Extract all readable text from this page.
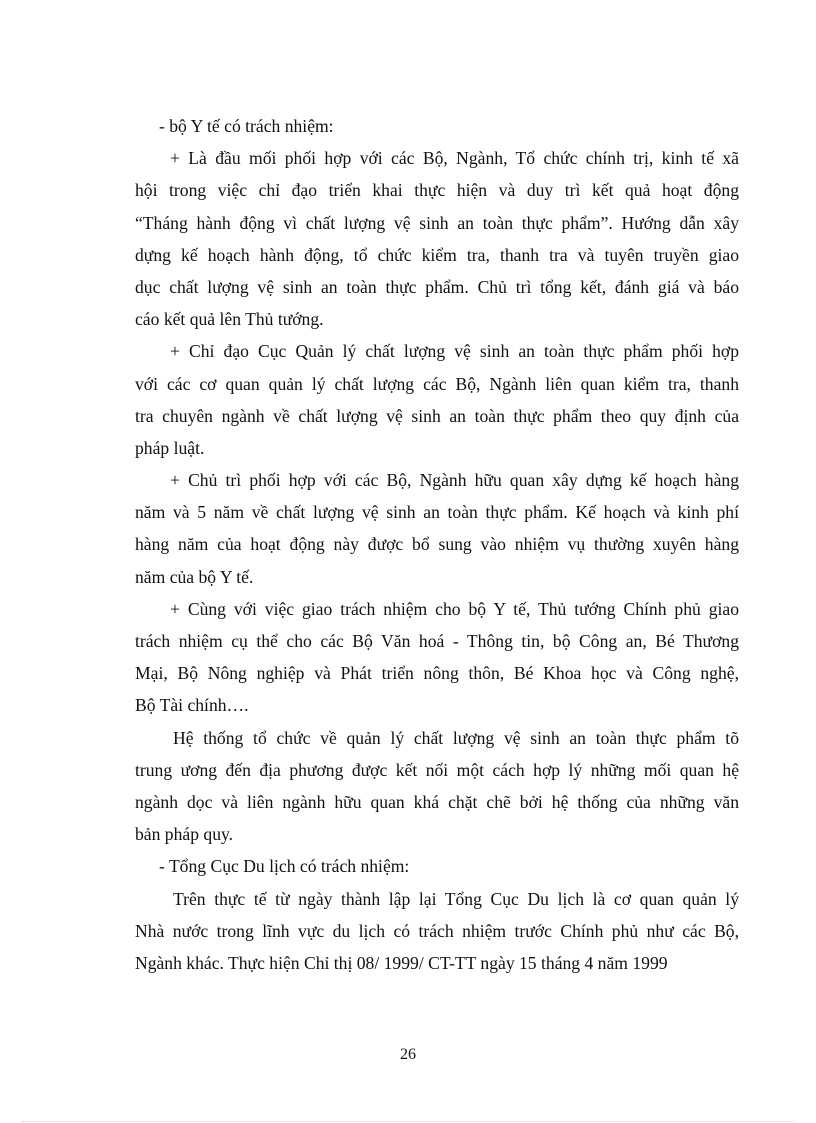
- bộ Y tế có trách nhiệm:
+ Là đầu mối phối hợp với các Bộ, Ngành, Tổ chức chính trị, kinh tế xã
hội trong việc chỉ đạo triển khai thực hiện và duy trì kết quả hoạt động
“Tháng hành động vì chất lượng vệ sinh an toàn thực phẩm”. Hướng dẫn xây
dựng kế hoạch hành động, tổ chức kiểm tra, thanh tra và tuyên truyền giao
dục chất lượng vệ sinh an toàn thực phẩm. Chủ trì tổng kết, đánh giá và báo
cáo kết quả lên Thủ tướng.
+ Chỉ đạo Cục Quản lý chất lượng vệ sinh an toàn thực phẩm phối hợp
với các cơ quan quản lý chất lượng các Bộ, Ngành liên quan kiểm tra, thanh
tra chuyên ngành về chất lượng vệ sinh an toàn thực phẩm theo quy định của
pháp luật.
+ Chủ trì phối hợp với các Bộ, Ngành hữu quan xây dựng kế hoạch hàng
năm và 5 năm về chất lượng vệ sinh an toàn thực phẩm. Kế hoạch và kinh phí
hàng năm của hoạt động này được bổ sung vào nhiệm vụ thường xuyên hàng
năm của bộ Y tế.
+ Cùng với việc giao trách nhiệm cho bộ Y tế, Thủ tướng Chính phủ giao
trách nhiệm cụ thể cho các Bộ Văn hoá - Thông tin, bộ Công an, Bé Thương
Mại, Bộ Nông nghiệp và Phát triển nông thôn, Bé Khoa học và Công nghệ,
Bộ Tài chính….
Hệ thống tổ chức về quản lý chất lượng vệ sinh an toàn thực phẩm tõ
trung ương đến địa phương được kết nối một cách hợp lý những mối quan hệ
ngành dọc và liên ngành hữu quan khá chặt chẽ bởi hệ thống của những văn
bản pháp quy.
- Tổng Cục Du lịch có trách nhiệm:
Trên thực tế từ ngày thành lập lại Tổng Cục Du lịch là cơ quan quản lý
Nhà nước trong lĩnh vực du lịch có trách nhiệm trước Chính phủ như các Bộ,
Ngành khác. Thực hiện Chỉ thị 08/ 1999/ CT-TT ngày 15 tháng 4 năm 1999
26
